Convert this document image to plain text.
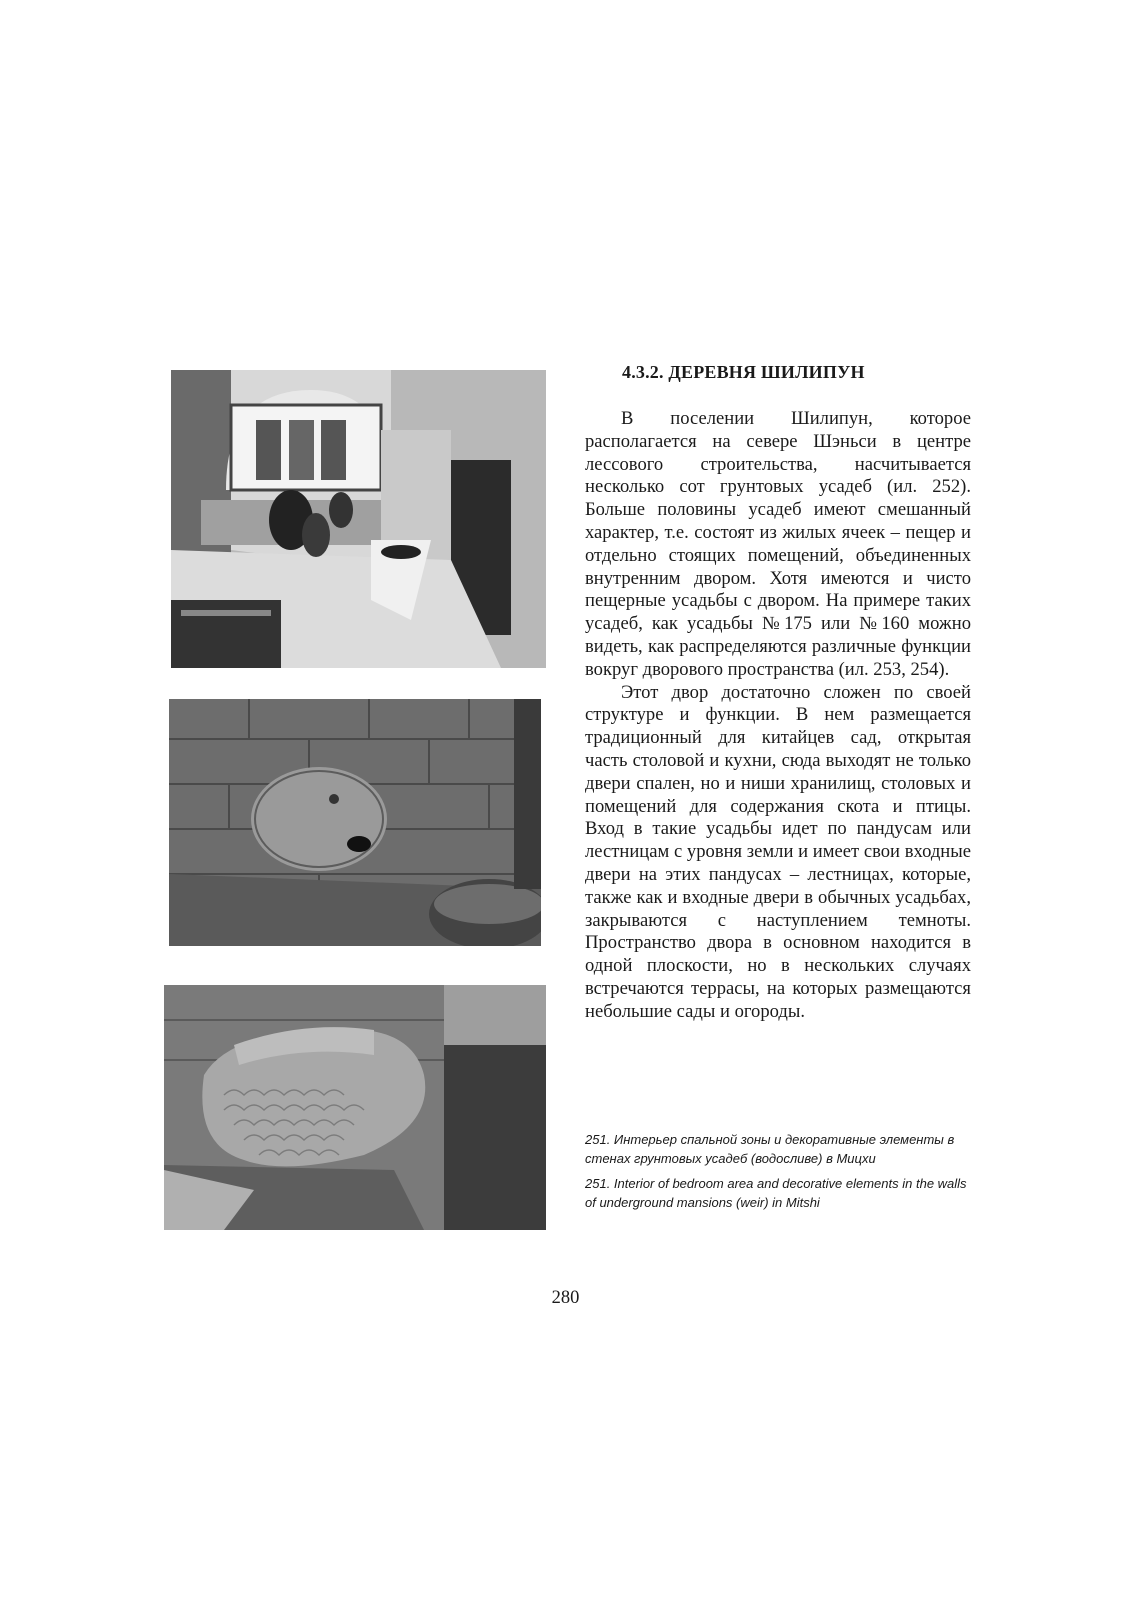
4.3.2. ДЕРЕВНЯ ШИЛИПУН

В поселении Шилипун, которое располагается на севере Шэньси в центре лессового строительства, насчитывается несколько сот грунтовых усадеб (ил. 252). Больше половины усадеб имеют смешанный характер, т.е. состоят из жилых ячеек – пещер и отдельно стоящих помещений, объединенных внутренним двором. Хотя имеются и чисто пещерные усадьбы с двором. На примере таких усадеб, как усадьбы №175 или №160 можно видеть, как распределяются различные функции вокруг дворового пространства (ил. 253, 254).

Этот двор достаточно сложен по своей структуре и функции. В нем размещается традиционный для китайцев сад, открытая часть столовой и кухни, сюда выходят не только двери спален, но и ниши хранилищ, столовых и помещений для содержания скота и птицы. Вход в такие усадьбы идет по пандусам или лестницам с уровня земли и имеет свои входные двери на этих пандусах – лестницах, которые, также как и входные двери в обычных усадьбах, закрываются с наступлением темноты. Пространство двора в основном находится в одной плоскости, но в нескольких случаях встречаются террасы, на которых размещаются небольшие сады и огороды.

251. Интерьер спальной зоны и декоративные элементы в стенах грунтовых усадеб (водосливе) в Мицхи

251. Interior of bedroom area and decorative elements in the walls of underground mansions (weir) in Mitshi

280
